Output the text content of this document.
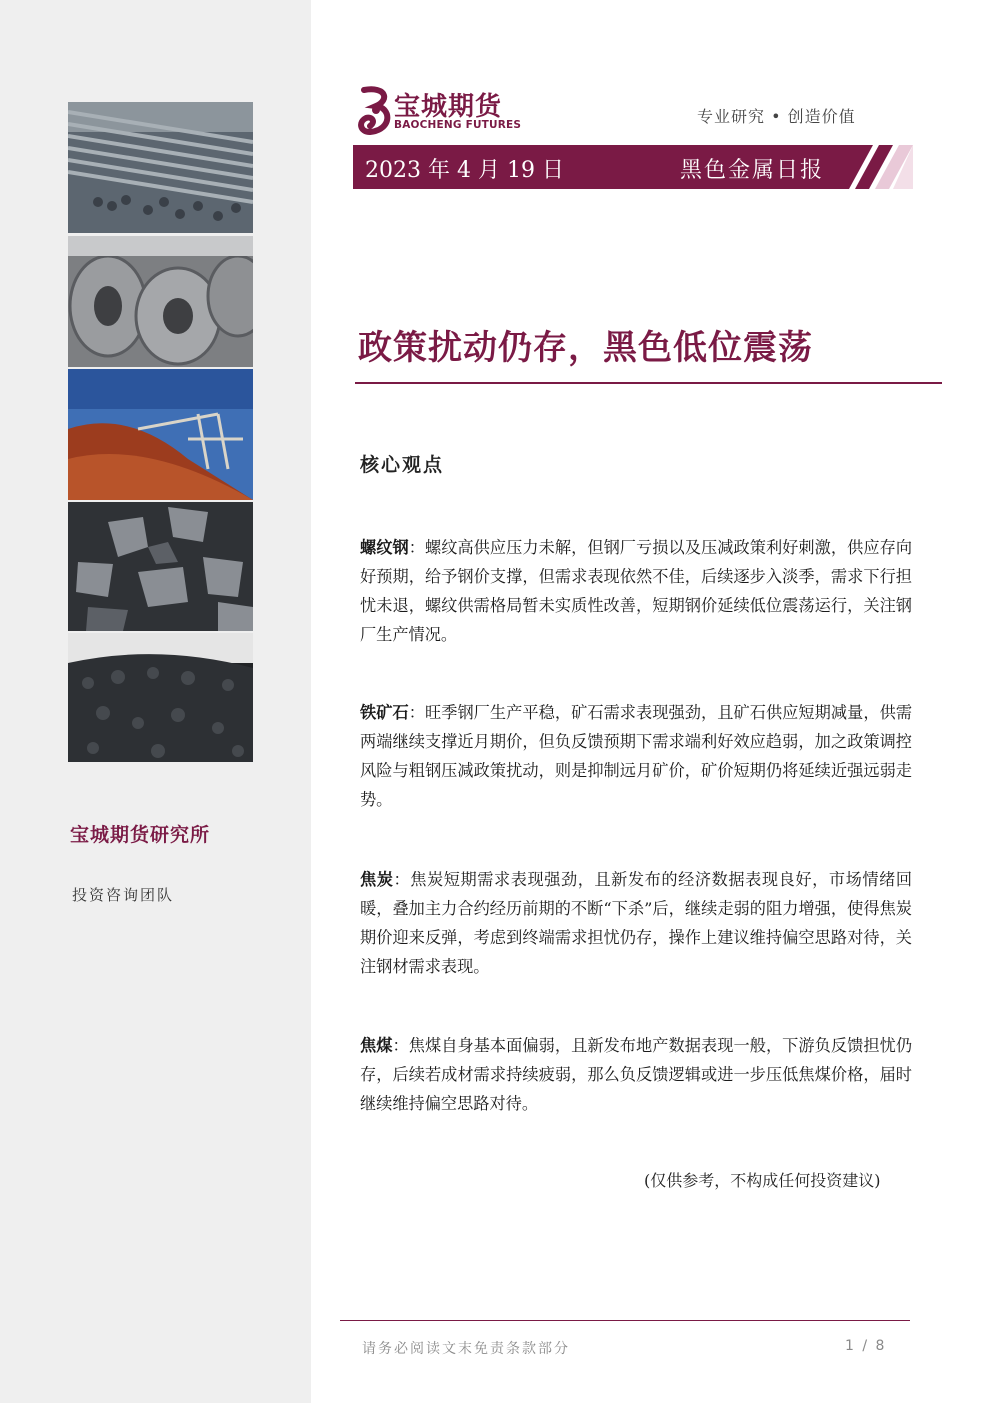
宝城期货研究所
投资咨询团队
宝城期货
BAOCHENG FUTURES	专业研究 • 创造价值
2023 年 4 月 19 日	黑色金属日报
政策扰动仍存，黑色低位震荡
核心观点
螺纹钢：螺纹高供应压力未解，但钢厂亏损以及压减政策利好刺激，供应存向好预期，给予钢价支撑，但需求表现依然不佳，后续逐步入淡季，需求下行担忧未退，螺纹供需格局暂未实质性改善，短期钢价延续低位震荡运行，关注钢厂生产情况。
铁矿石：旺季钢厂生产平稳，矿石需求表现强劲，且矿石供应短期减量，供需两端继续支撑近月期价，但负反馈预期下需求端利好效应趋弱，加之政策调控风险与粗钢压减政策扰动，则是抑制远月矿价，矿价短期仍将延续近强远弱走势。
焦炭：焦炭短期需求表现强劲，且新发布的经济数据表现良好，市场情绪回暖，叠加主力合约经历前期的不断“下杀”后，继续走弱的阻力增强，使得焦炭期价迎来反弹，考虑到终端需求担忧仍存，操作上建议维持偏空思路对待，关注钢材需求表现。
焦煤：焦煤自身基本面偏弱，且新发布地产数据表现一般，下游负反馈担忧仍存，后续若成材需求持续疲弱，那么负反馈逻辑或进一步压低焦煤价格，届时继续维持偏空思路对待。
(仅供参考，不构成任何投资建议)
请务必阅读文末免责条款部分	1 / 8
